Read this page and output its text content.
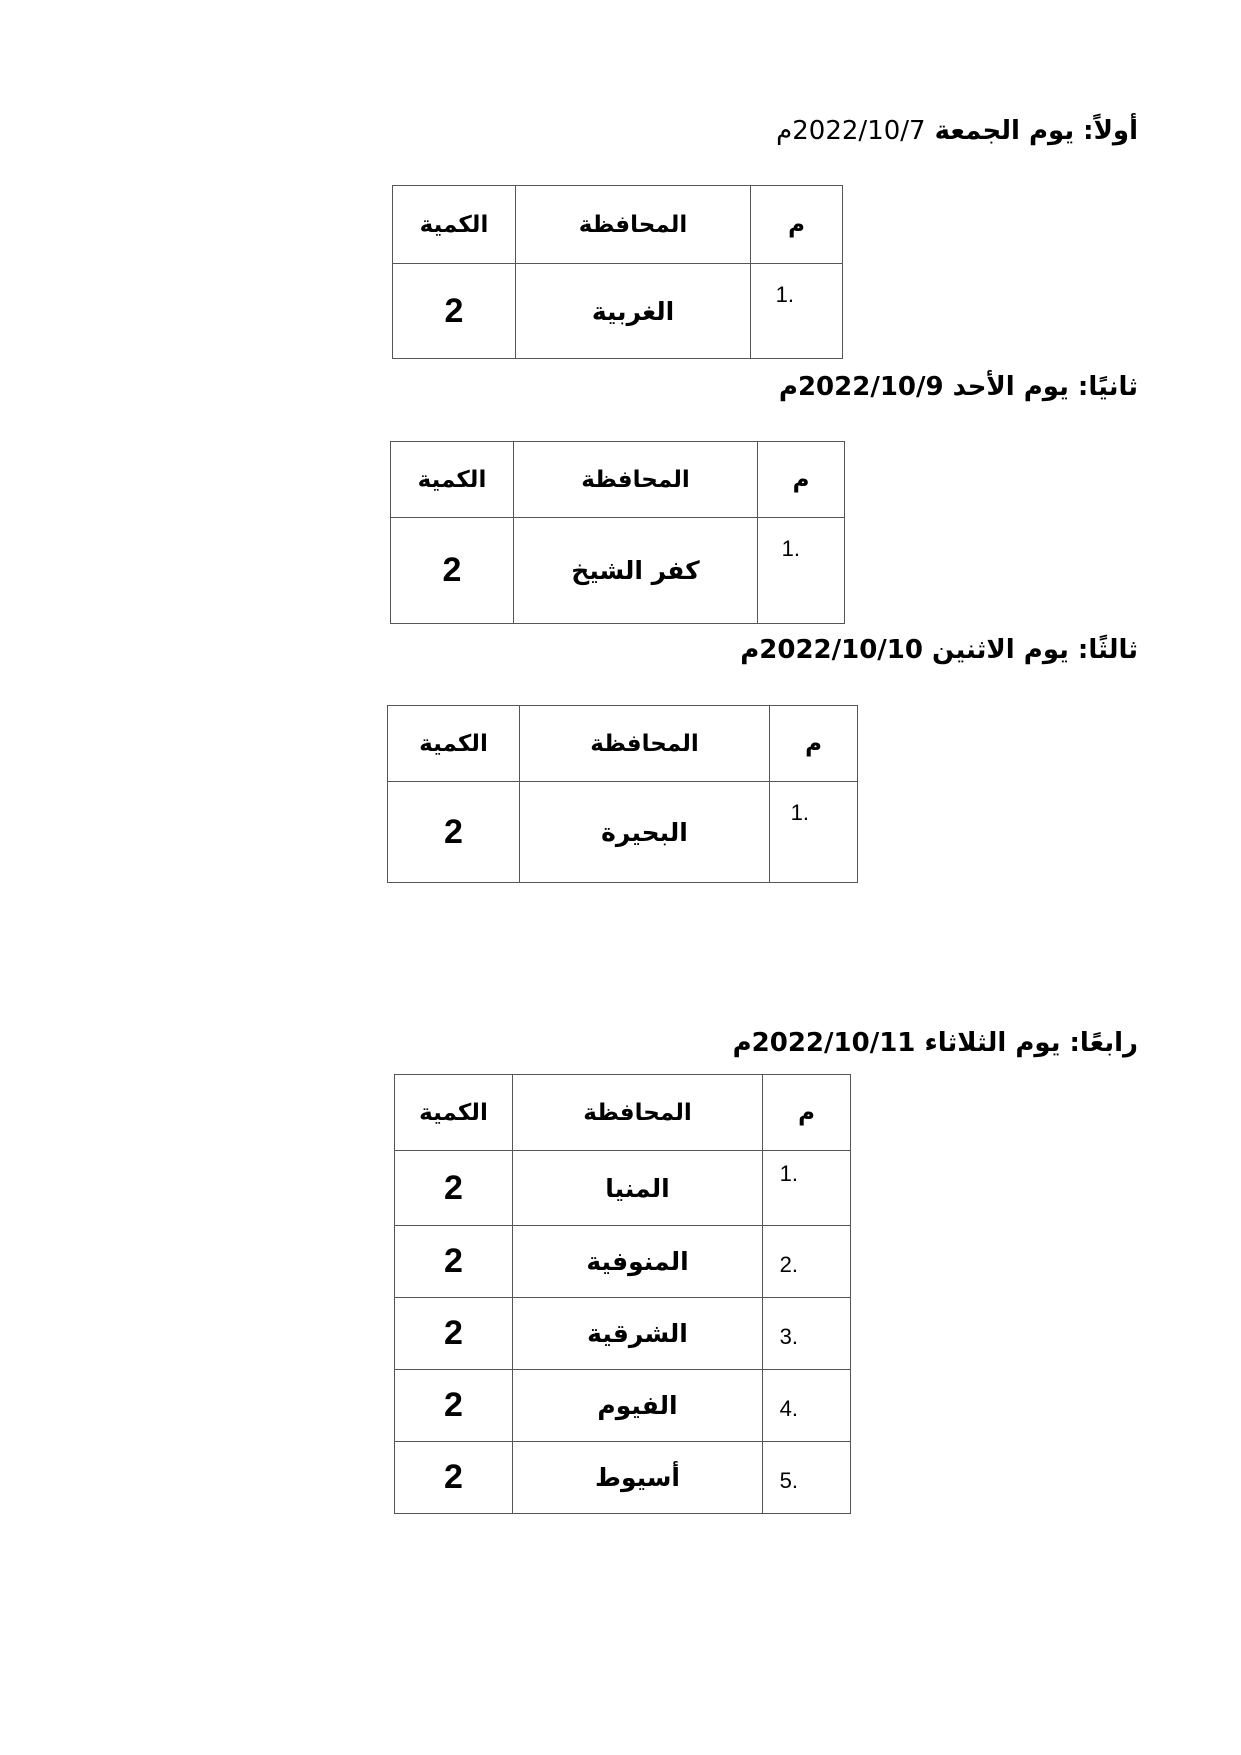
أولاً: يوم الجمعة 2022/10/7م
م	المحافظة	الكمية

1.	الغربية	2
ثانيًا: يوم الأحد 2022/10/9م
م	المحافظة	الكمية

1.	كفر الشيخ	2
ثالثًا: يوم الاثنين 2022/10/10م
م	المحافظة	الكمية

1.	البحيرة	2
رابعًا: يوم الثلاثاء 2022/10/11م
م	المحافظة	الكمية

1.	المنيا	2

2.	المنوفية	2

3.	الشرقية	2

4.	الفيوم	2

5.	أسيوط	2
